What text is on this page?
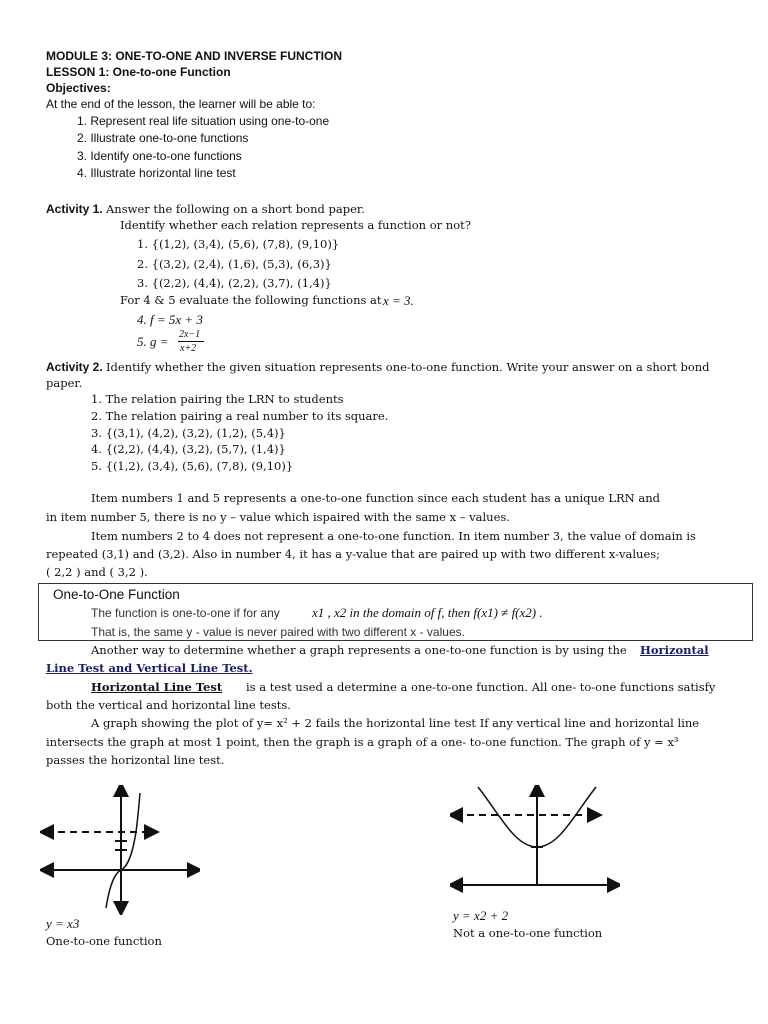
MODULE 3: ONE-TO-ONE AND INVERSE FUNCTION
LESSON 1: One-to-one Function
Objectives:
At the end of the lesson, the learner will be able to:
1. Represent real life situation using one-to-one
2. Illustrate one-to-one functions
3. Identify one-to-one functions
4. Illustrate horizontal line test
Activity 1. Answer the following on a short bond paper.
Identify whether each relation represents a function or not?
1. {(1,2), (3,4), (5,6), (7,8), (9,10)}
2. {(3,2), (2,4), (1,6), (5,3), (6,3)}
3. {(2,2), (4,4), (2,2), (3,7), (1,4)}
For 4 & 5 evaluate the following functions at x = 3.
4. f = 5x + 3
5. g = 2x−1
x+2
Activity 2. Identify whether the given situation represents one-to-one function. Write your answer on a short bond
paper.
1. The relation pairing the LRN to students
2. The relation pairing a real number to its square.
3. {(3,1), (4,2), (3,2), (1,2), (5,4)}
4. {(2,2), (4,4), (3,2), (5,7), (1,4)}
5. {(1,2), (3,4), (5,6), (7,8), (9,10)}
Item numbers 1 and 5 represents a one-to-one function since each student has a unique LRN and
in item number 5, there is no y – value which ispaired with the same x – values.
Item numbers 2 to 4 does not represent a one-to-one function. In item number 3, the value of domain is
repeated (3,1) and (3,2). Also in number 4, it has a y-value that are paired up with two different x-values;
( 2,2 ) and ( 3,2 ).
One-to-One Function
The function is one-to-one if for any x1 , x2 in the domain of f, then f(x1) ≠ f(x2) .
That is, the same y - value is never paired with two different x - values.
Another way to determine whether a graph represents a one-to-one function is by using the Horizontal
Line Test and Vertical Line Test.
Horizontal Line Test is a test used a determine a one-to-one function. All one- to-one functions satisfy
both the vertical and horizontal line tests.
A graph showing the plot of y= x² + 2 fails the horizontal line test If any vertical line and horizontal line
intersects the graph at most 1 point, then the graph is a graph of a one- to-one function. The graph of y = x³
passes the horizontal line test.
y = x3
One-to-one function
y = x2 + 2
Not a one-to-one function
